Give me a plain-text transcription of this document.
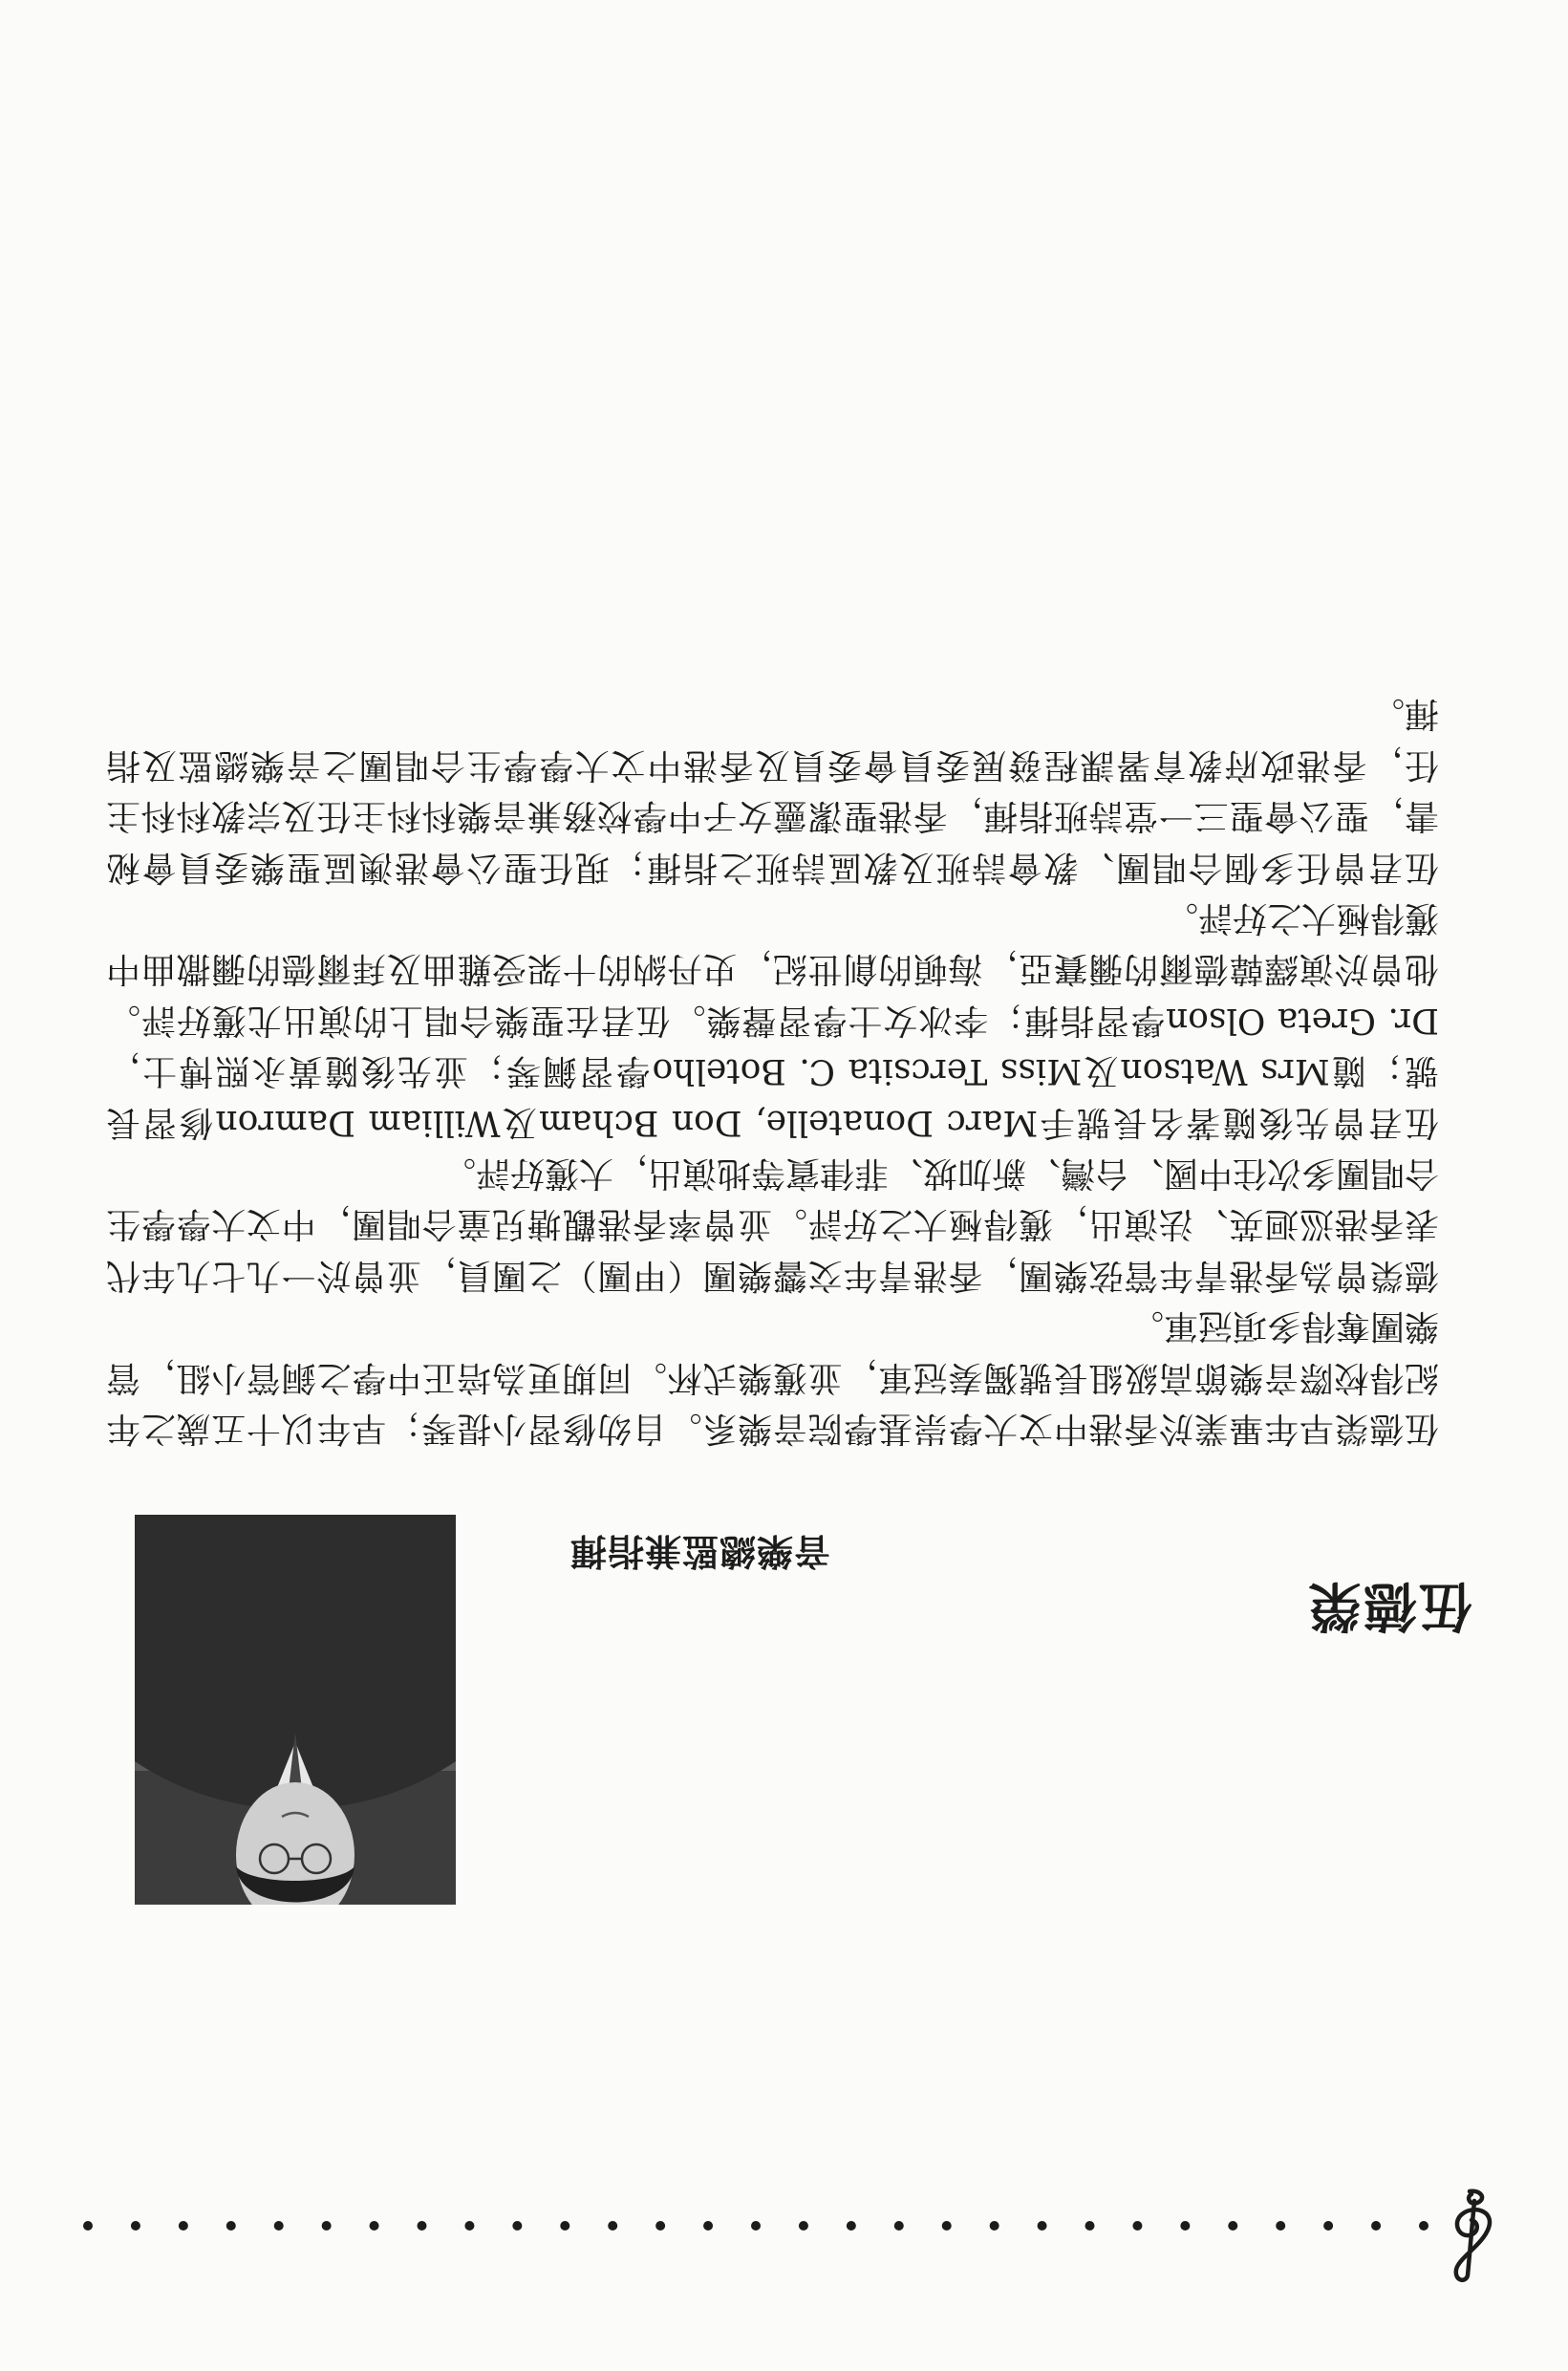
伍德榮
音樂總監兼指揮

伍德榮早年畢業於香港中文大學崇基學院音樂系。自幼修習小提琴；早年以十五歲之年紀得校際音樂節高級組長號獨奏冠軍，並獲樂式杯。同期更為培正中學之銅管小組，管樂團奪得多項冠軍。

德榮曾為香港青年管弦樂團，香港青年交響樂團（甲團）之團員，並曾於一九七九年代表香港巡迴英、法演出，獲得極大之好評。並曾率香港觀塘兒童合唱團，中文大學學生合唱團多次往中國、台灣、新加坡、菲律賓等地演出，大獲好評。

伍君曾先後隨著名長號手Marc Donatelle, Don Bcham及William Damron修習長號；隨Mrs Watson及Miss Tercsita C. Botelho學習鋼琴；並先後隨黃永熙博士，Dr. Greta Olson學習指揮；李冰女士學習聲樂。伍君在聖樂合唱上的演出尤獲好評。他曾於演繹韓德爾的彌賽亞，海頓的創世紀，史丹納的十架受難曲及拜爾德的彌撒曲中獲得極大之好評。

伍君曾任多個合唱團、教會詩班及教區詩班之指揮；現任聖公會港澳區聖樂委員會秘書，聖公會聖三一堂詩班指揮，香港聖潔靈女子中學校務兼音樂科科主任及宗教科科主任，香港政府教育署課程發展委員會委員及香港中文大學學生合唱團之音樂總監及指揮。
